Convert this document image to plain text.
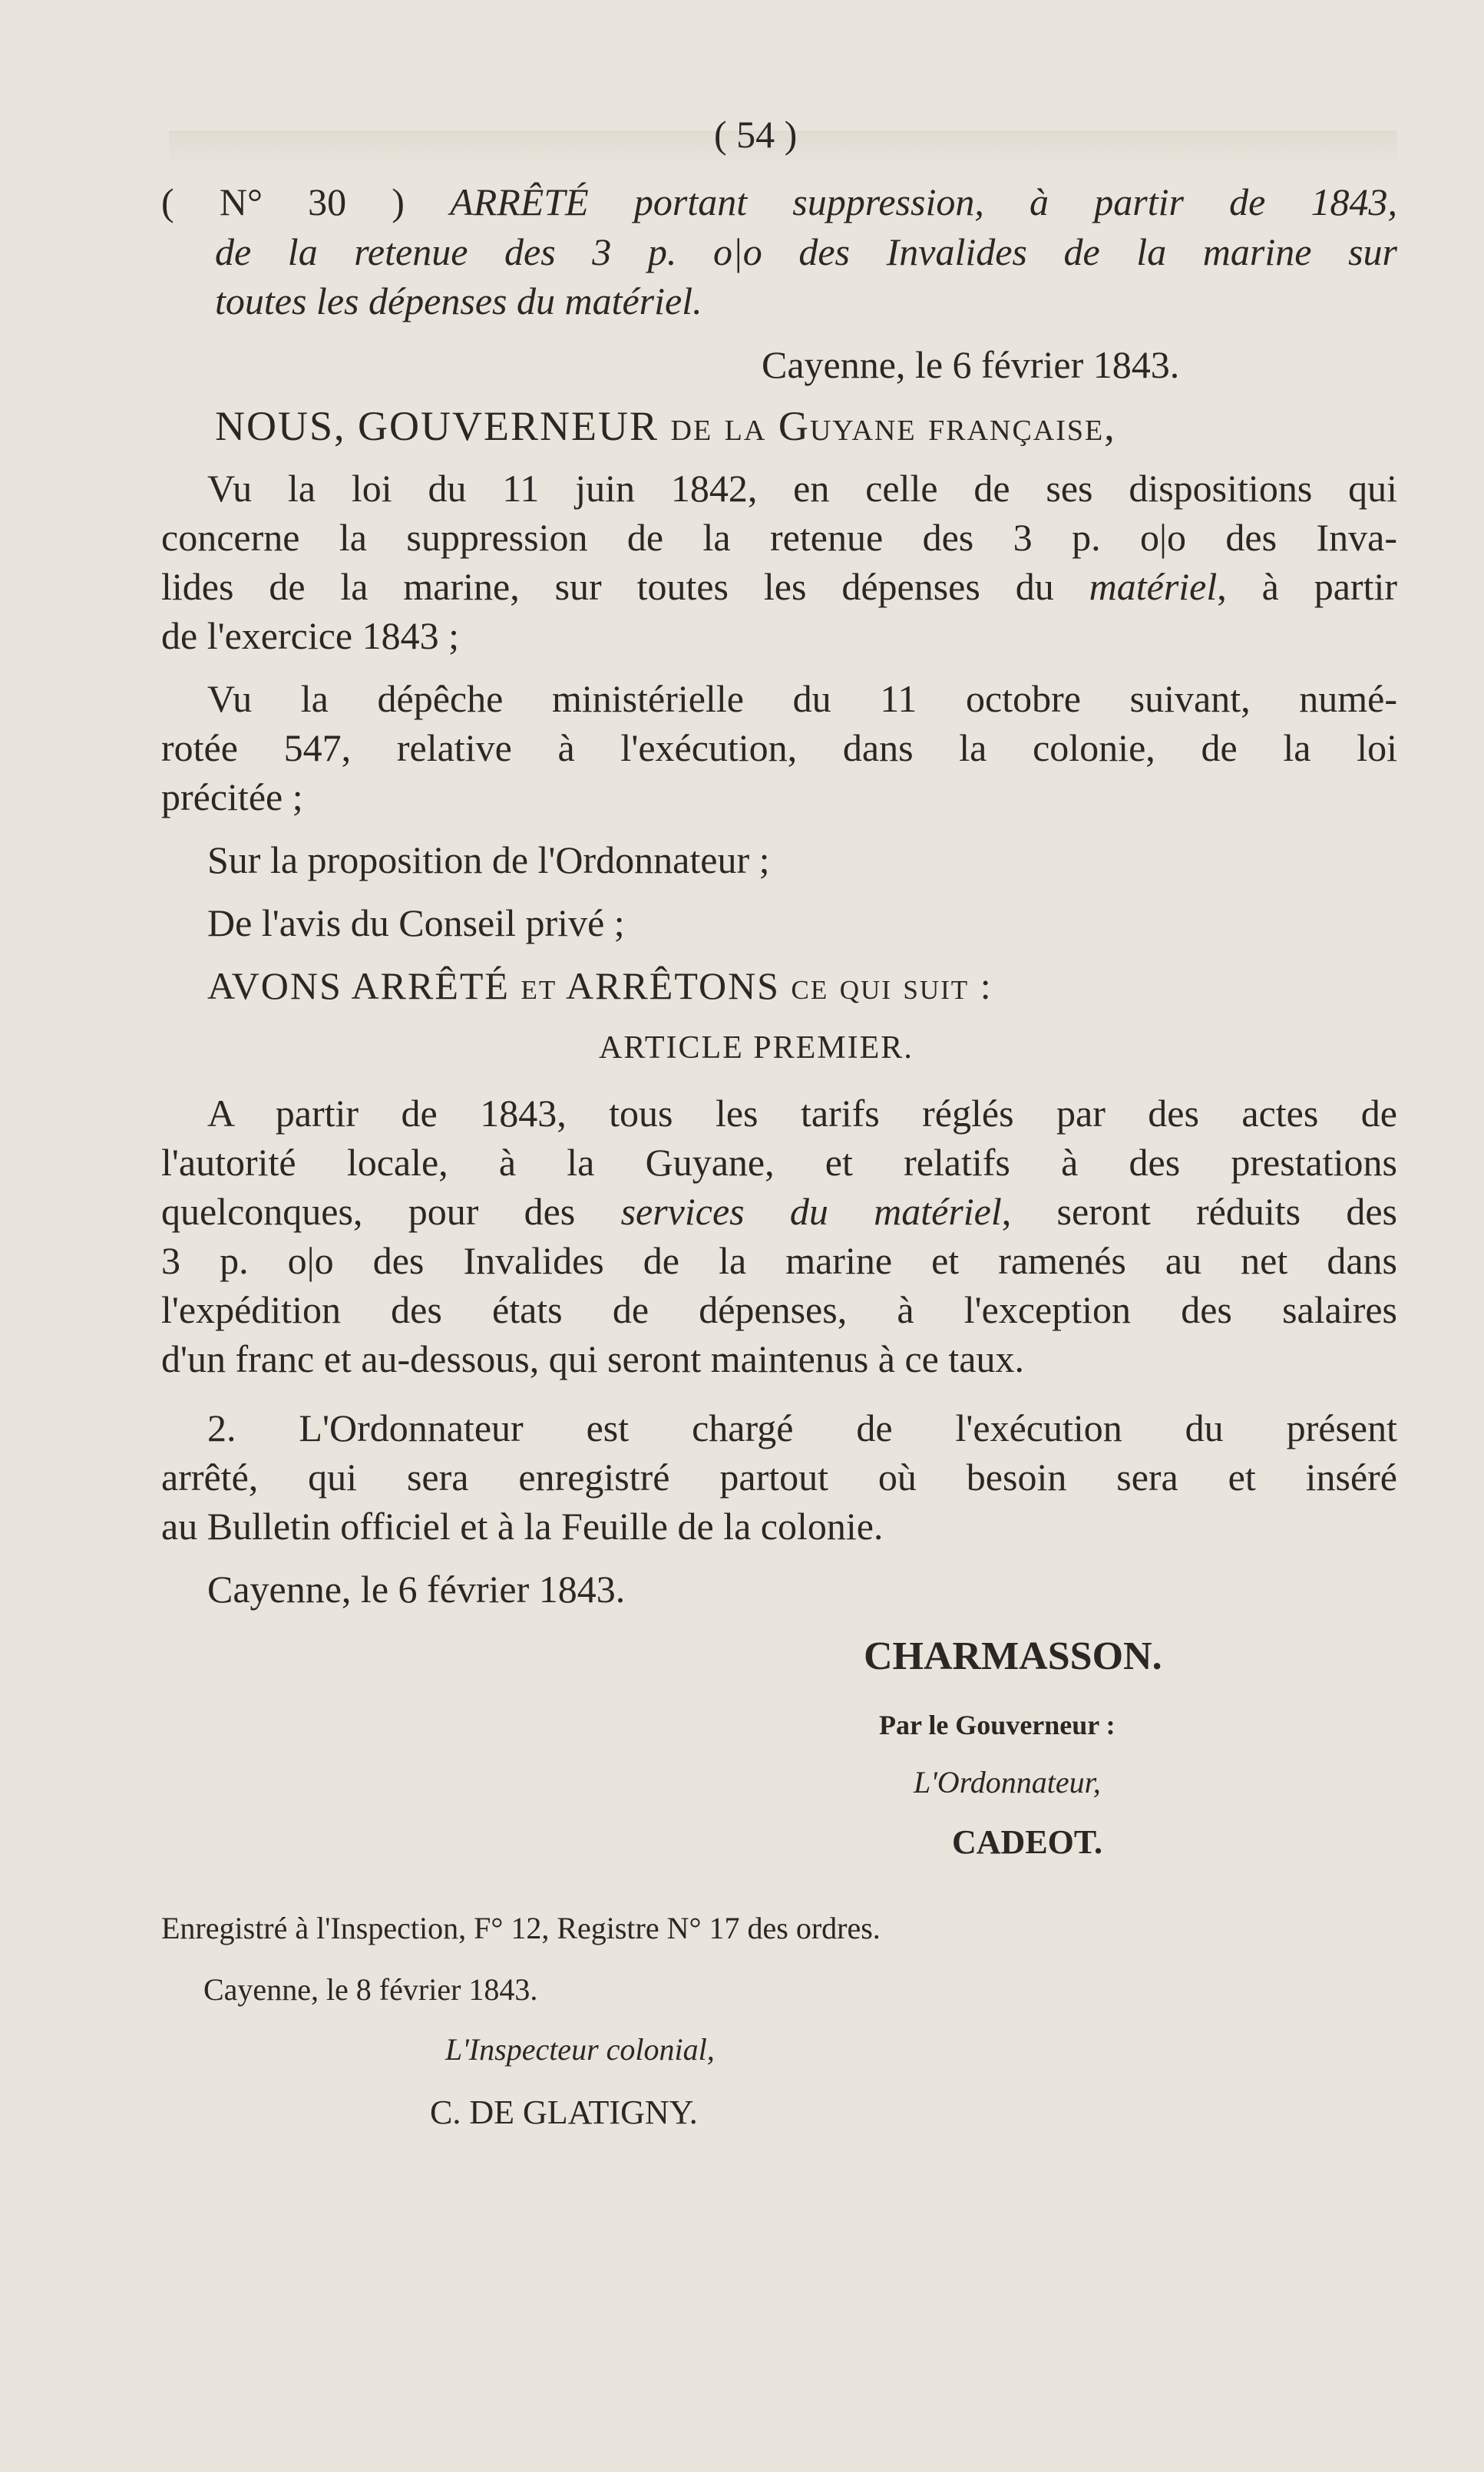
( 54 )

( N° 30 ) ARRÊTÉ portant suppression, à partir de 1843,

de la retenue des 3 p. o|o des Invalides de la marine sur

toutes les dépenses du matériel.

Cayenne, le 6 février 1843.

NOUS, GOUVERNEUR de la Guyane française,

Vu la loi du 11 juin 1842, en celle de ses dispositions qui

concerne la suppression de la retenue des 3 p. o|o des Inva-

lides de la marine, sur toutes les dépenses du matériel, à partir

de l'exercice 1843 ;

Vu la dépêche ministérielle du 11 octobre suivant, numé-

rotée 547, relative à l'exécution, dans la colonie, de la loi

précitée ;

Sur la proposition de l'Ordonnateur ;

De l'avis du Conseil privé ;

AVONS ARRÊTÉ et ARRÊTONS ce qui suit :

ARTICLE PREMIER.

A partir de 1843, tous les tarifs réglés par des actes de

l'autorité locale, à la Guyane, et relatifs à des prestations

quelconques, pour des services du matériel, seront réduits des

3 p. o|o des Invalides de la marine et ramenés au net dans

l'expédition des états de dépenses, à l'exception des salaires

d'un franc et au-dessous, qui seront maintenus à ce taux.

2. L'Ordonnateur est chargé de l'exécution du présent

arrêté, qui sera enregistré partout où besoin sera et inséré

au Bulletin officiel et à la Feuille de la colonie.

Cayenne, le 6 février 1843.

CHARMASSON.

Par le Gouverneur :

L'Ordonnateur,

CADEOT.

Enregistré à l'Inspection, F° 12, Registre N° 17 des ordres.

Cayenne, le 8 février 1843.

L'Inspecteur colonial,

C. DE GLATIGNY.
